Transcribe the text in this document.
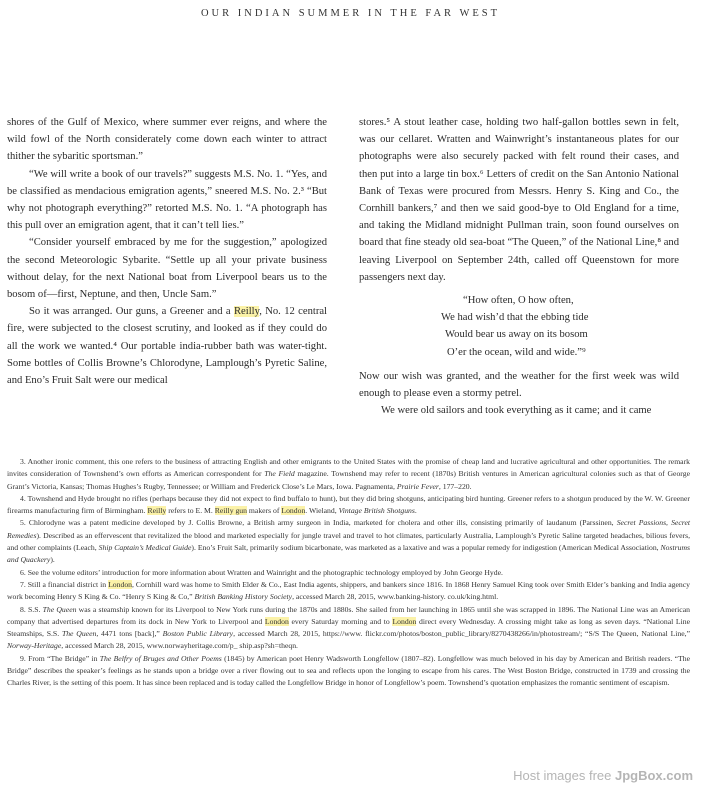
OUR INDIAN SUMMER IN THE FAR WEST

shores of the Gulf of Mexico, where summer ever reigns, and where the wild fowl of the North considerately come down each winter to attract thither the sybaritic sportsman.”

“We will write a book of our travels?” suggests M.S. No. 1. “Yes, and be classified as mendacious emigration agents,” sneered M.S. No. 2.³ “But why not photograph everything?” retorted M.S. No. 1. “A photograph has this pull over an emigration agent, that it can’t tell lies.”

“Consider yourself embraced by me for the suggestion,” apologized the second Meteorologic Sybarite. “Settle up all your private business without delay, for the next National boat from Liverpool bears us to the bosom of—first, Neptune, and then, Uncle Sam.”

So it was arranged. Our guns, a Greener and a Reilly, No. 12 central fire, were subjected to the closest scrutiny, and looked as if they could do all the work we wanted.⁴ Our portable india-rubber bath was water-tight. Some bottles of Collis Browne’s Chlorodyne, Lamplough’s Pyretic Saline, and Eno’s Fruit Salt were our medical

stores.⁵ A stout leather case, holding two half-gallon bottles sewn in felt, was our cellaret. Wratten and Wainwright’s instantaneous plates for our photographs were also securely packed with felt round their cases, and then put into a large tin box.⁶ Letters of credit on the San Antonio National Bank of Texas were procured from Messrs. Henry S. King and Co., the Cornhill bankers,⁷ and then we said good-bye to Old England for a time, and taking the Midland midnight Pullman train, soon found ourselves on board that fine steady old sea-boat “The Queen,” of the National Line,⁸ and leaving Liverpool on September 24th, called off Queenstown for more passengers next day.

“How often, O how often,
We had wish’d that the ebbing tide
Would bear us away on its bosom
O’er the ocean, wild and wide.”⁹

Now our wish was granted, and the weather for the first week was wild enough to please even a stormy petrel.

We were old sailors and took everything as it came; and it came

3. Another ironic comment, this one refers to the business of attracting English and other emigrants to the United States with the promise of cheap land and lucrative agricultural and other opportunities. The remark invites consideration of Townshend’s own efforts as American correspondent for The Field magazine. Townshend may refer to recent (1870s) British ventures in American agricultural colonies such as that of George Grant’s Victoria, Kansas; Thomas Hughes’s Rugby, Tennessee; or William and Frederick Close’s Le Mars, Iowa. Pagnamenta, Prairie Fever, 177–220.

4. Townshend and Hyde brought no rifles (perhaps because they did not expect to find buffalo to hunt), but they did bring shotguns, anticipating bird hunting. Greener refers to a shotgun produced by the W. W. Greener firearms manufacturing firm of Birmingham. Reilly refers to E. M. Reilly gun makers of London. Wieland, Vintage British Shotguns.

5. Chlorodyne was a patent medicine developed by J. Collis Browne, a British army surgeon in India, marketed for cholera and other ills, consisting primarily of laudanum (Parssinen, Secret Passions, Secret Remedies). Described as an effervescent that revitalized the blood and marketed especially for jungle travel and travel to hot climates, particularly Australia, Lamplough’s Pyretic Saline targeted headaches, bilious fevers, and other complaints (Leach, Ship Captain’s Medical Guide). Eno’s Fruit Salt, primarily sodium bicarbonate, was marketed as a laxative and was a popular remedy for indigestion (American Medical Association, Nostrums and Quackery).

6. See the volume editors’ introduction for more information about Wratten and Wainright and the photographic technology employed by John George Hyde.

7. Still a financial district in London, Cornhill ward was home to Smith Elder & Co., East India agents, shippers, and bankers since 1816. In 1868 Henry Samuel King took over Smith Elder’s banking and India agency work becoming Henry S King & Co. “Henry S King & Co,” British Banking History Society, accessed March 28, 2015, www.banking-history. co.uk/king.html.

8. S.S. The Queen was a steamship known for its Liverpool to New York runs during the 1870s and 1880s. She sailed from her launching in 1865 until she was scrapped in 1896. The National Line was an American company that advertised departures from its dock in New York to Liverpool and London every Saturday morning and to London direct every Wednesday. A crossing might take as long as seven days. “National Line Steamships, S.S. The Queen, 4471 tons [back],” Boston Public Library, accessed March 28, 2015, https://www. flickr.com/photos/boston_public_library/8270438266/in/photostream/; “S/S The Queen, National Line,” Norway-Heritage, accessed March 28, 2015, www.norwayheritage.com/p_ ship.asp?sh=theqn.

9. From “The Bridge” in The Belfry of Bruges and Other Poems (1845) by American poet Henry Wadsworth Longfellow (1807–82). Longfellow was much beloved in his day by American and British readers. “The Bridge” describes the speaker’s feelings as he stands upon a bridge over a river flowing out to sea and reflects upon the longing to escape from his cares. The West Boston Bridge, constructed in 1739 and crossing the Charles River, is the setting of this poem. It has since been replaced and is today called the Longfellow Bridge in honor of Longfellow’s poem. Townshend’s quotation emphasizes the romantic sentiment of escapism.

Host images free JpgBox.com
